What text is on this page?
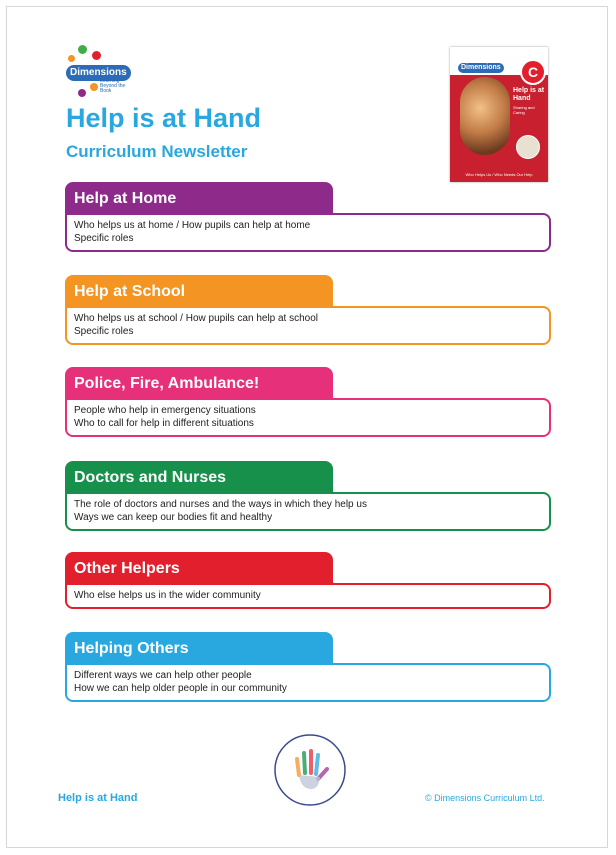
Dimensions
Learning Beyond the Book
Help is at Hand
Curriculum Newsletter
Dimensions	C
Help is at Hand
Sharing and Caring
Who Helps Us / Who Needs Our Help
Help at Home
Who helps us at home / How pupils can help at home
Specific roles
Help at School
Who helps us at school / How pupils can help at school
Specific roles
Police, Fire, Ambulance!
People who help in emergency situations
Who to call for help in different situations
Doctors and Nurses
The role of doctors and nurses and the ways in which they help us
Ways we can keep our bodies fit and healthy
Other Helpers
Who else helps us in the wider community
Helping Others
Different ways we can help other people
How we can help older people in our community
Help is at Hand	© Dimensions Curriculum Ltd.
